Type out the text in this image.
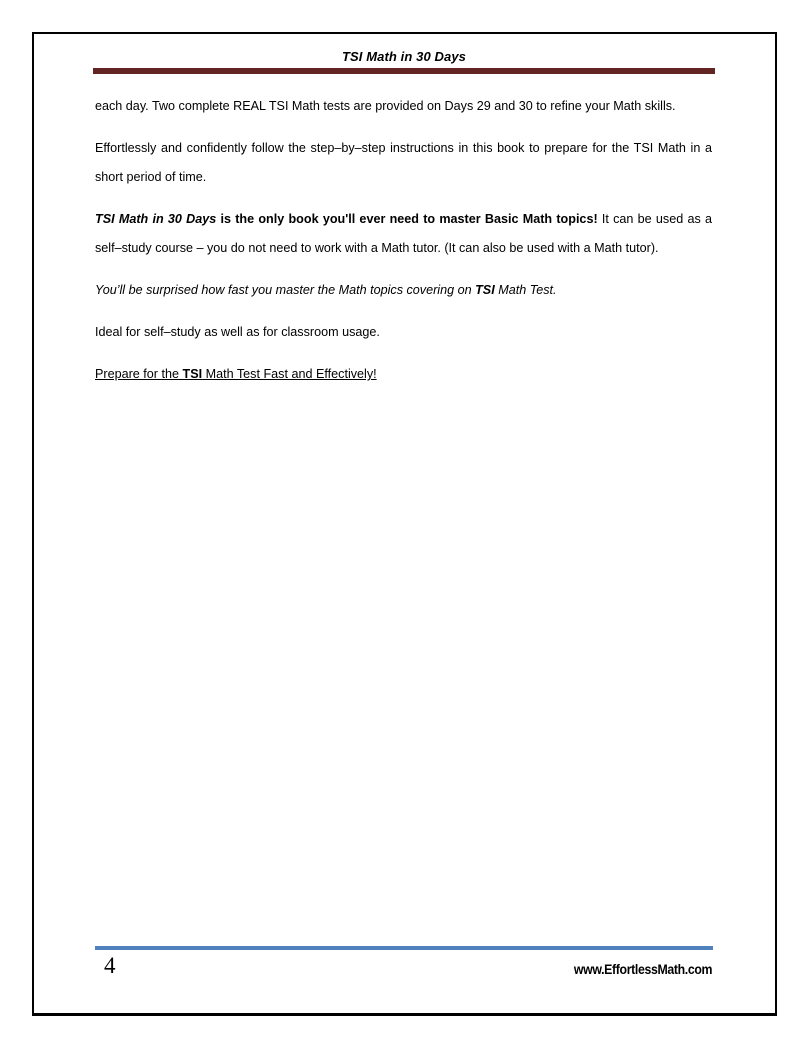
TSI Math in 30 Days

each day. Two complete REAL TSI Math tests are provided on Days 29 and 30 to refine your Math skills.

Effortlessly and confidently follow the step–by–step instructions in this book to prepare for the TSI Math in a short period of time.

TSI Math in 30 Days is the only book you'll ever need to master Basic Math topics! It can be used as a self–study course – you do not need to work with a Math tutor. (It can also be used with a Math tutor).

You’ll be surprised how fast you master the Math topics covering on TSI Math Test.

Ideal for self–study as well as for classroom usage.

Prepare for the TSI Math Test Fast and Effectively!

4	www.EffortlessMath.com
